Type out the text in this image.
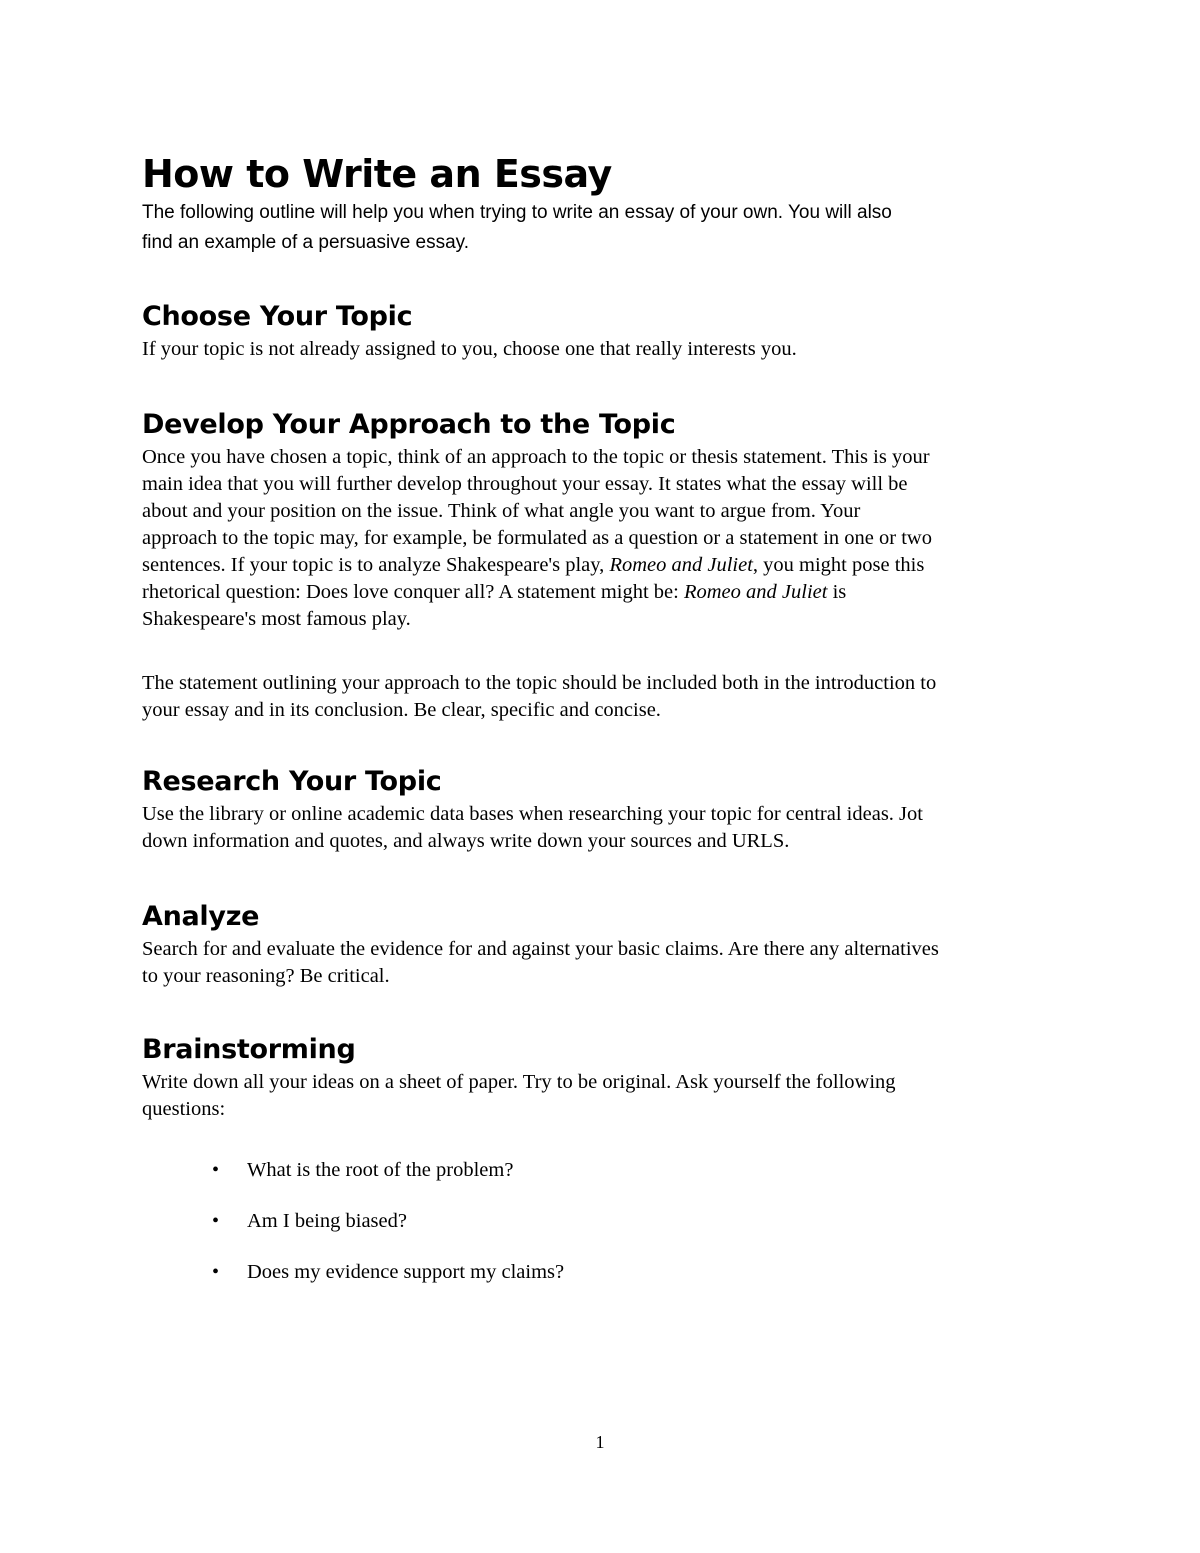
How to Write an Essay

The following outline will help you when trying to write an essay of your own. You will also

find an example of a persuasive essay.

Choose Your Topic

If your topic is not already assigned to you, choose one that really interests you.

Develop Your Approach to the Topic

Once you have chosen a topic, think of an approach to the topic or thesis statement. This is your

main idea that you will further develop throughout your essay. It states what the essay will be

about and your position on the issue. Think of what angle you want to argue from. Your

approach to the topic may, for example, be formulated as a question or a statement in one or two

sentences. If your topic is to analyze Shakespeare's play, Romeo and Juliet, you might pose this

rhetorical question: Does love conquer all? A statement might be: Romeo and Juliet is

Shakespeare's most famous play.

The statement outlining your approach to the topic should be included both in the introduction to

your essay and in its conclusion. Be clear, specific and concise.

Research Your Topic

Use the library or online academic data bases when researching your topic for central ideas. Jot

down information and quotes, and always write down your sources and URLS.

Analyze

Search for and evaluate the evidence for and against your basic claims. Are there any alternatives

to your reasoning? Be critical.

Brainstorming

Write down all your ideas on a sheet of paper. Try to be original. Ask yourself the following

questions:

• What is the root of the problem?
• Am I being biased?
• Does my evidence support my claims?
1
